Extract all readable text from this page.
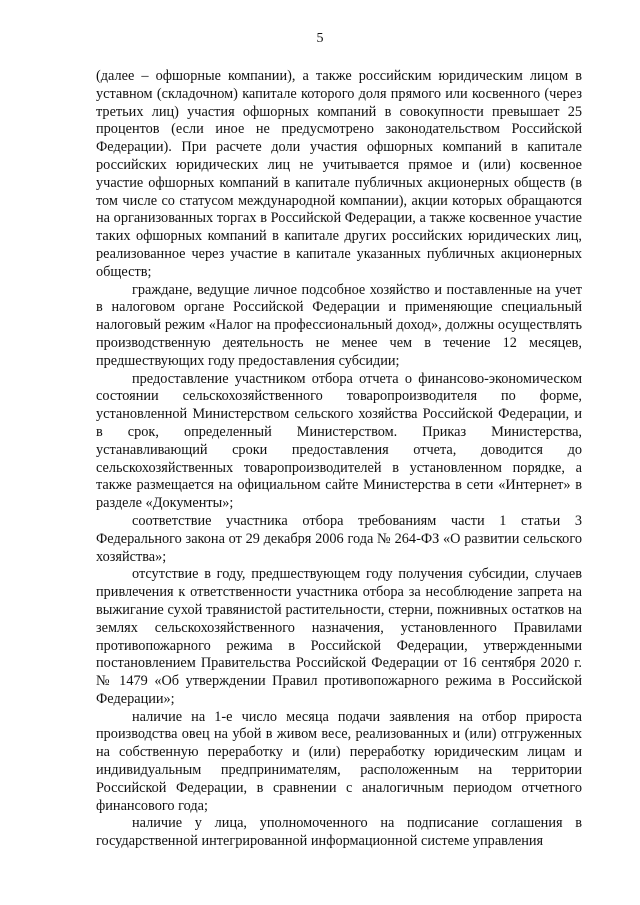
5

(далее – офшорные компании), а также российским юридическим лицом в уставном (складочном) капитале которого доля прямого или косвенного (через третьих лиц) участия офшорных компаний в совокупности превышает 25 процентов (если иное не предусмотрено законодательством Российской Федерации). При расчете доли участия офшорных компаний в капитале российских юридических лиц не учитывается прямое и (или) косвенное участие офшорных компаний в капитале публичных акционерных обществ (в том числе со статусом международной компании), акции которых обращаются на организованных торгах в Российской Федерации, а также косвенное участие таких офшорных компаний в капитале других российских юридических лиц, реализованное через участие в капитале указанных публичных акционерных обществ;

граждане, ведущие личное подсобное хозяйство и поставленные на учет в налоговом органе Российской Федерации и применяющие специальный налоговый режим «Налог на профессиональный доход», должны осуществлять производственную деятельность не менее чем в течение 12 месяцев, предшествующих году предоставления субсидии;

предоставление участником отбора отчета о финансово-экономическом состоянии сельскохозяйственного товаропроизводителя по форме, установленной Министерством сельского хозяйства Российской Федерации, и в срок, определенный Министерством. Приказ Министерства, устанавливающий сроки предоставления отчета, доводится до сельскохозяйственных товаропроизводителей в установленном порядке, а также размещается на официальном сайте Министерства в сети «Интернет» в разделе «Документы»;

соответствие участника отбора требованиям части 1 статьи 3 Федерального закона от 29 декабря 2006 года № 264-ФЗ «О развитии сельского хозяйства»;

отсутствие в году, предшествующем году получения субсидии, случаев привлечения к ответственности участника отбора за несоблюдение запрета на выжигание сухой травянистой растительности, стерни, пожнивных остатков на землях сельскохозяйственного назначения, установленного Правилами противопожарного режима в Российской Федерации, утвержденными постановлением Правительства Российской Федерации от 16 сентября 2020 г. № 1479 «Об утверждении Правил противопожарного режима в Российской Федерации»;

наличие на 1-е число месяца подачи заявления на отбор прироста производства овец на убой в живом весе, реализованных и (или) отгруженных на собственную переработку и (или) переработку юридическим лицам и индивидуальным предпринимателям, расположенным на территории Российской Федерации, в сравнении с аналогичным периодом отчетного финансового года;

наличие у лица, уполномоченного на подписание соглашения в государственной интегрированной информационной системе управления
